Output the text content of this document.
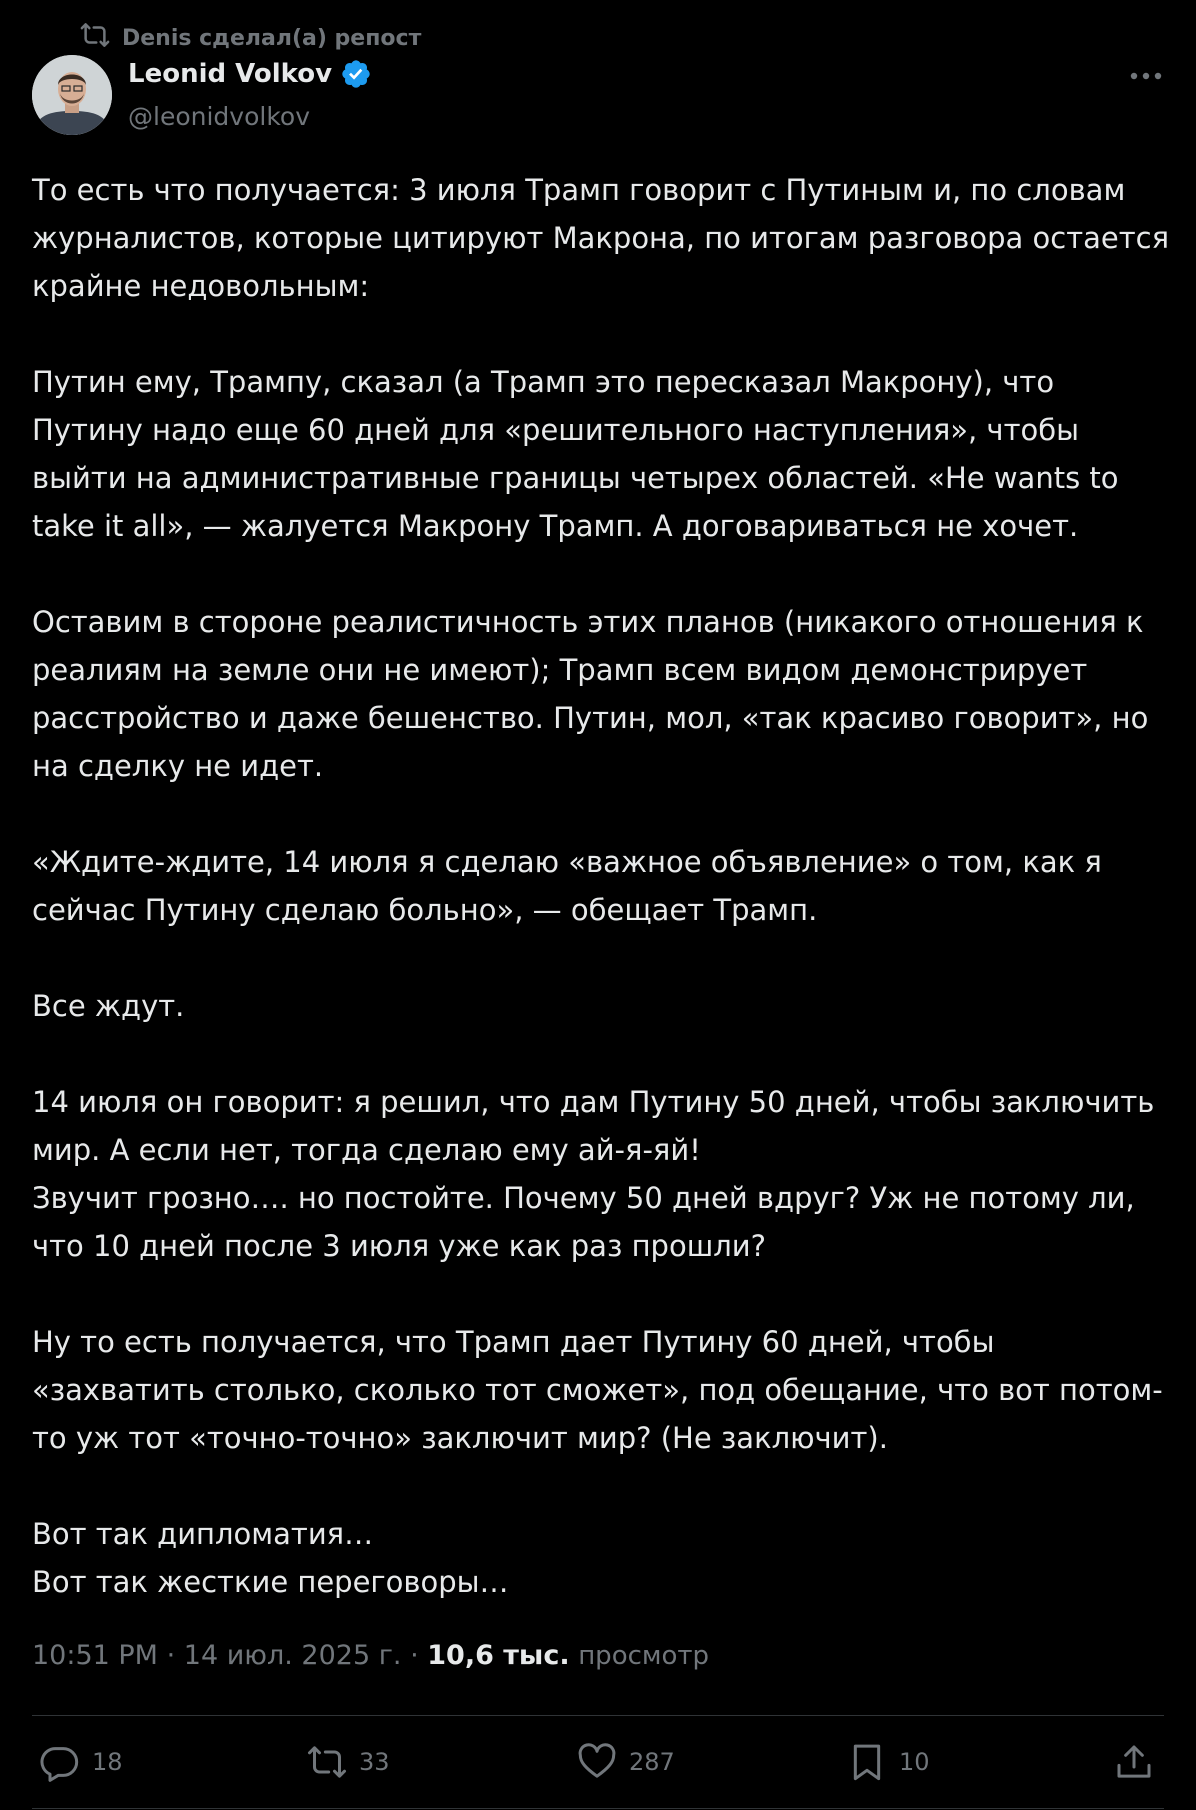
Denis сделал(а) репост
Leonid Volkov
@leonidvolkov

То есть что получается: 3 июля Трамп говорит с Путиным и, по словам журналистов, которые цитируют Макрона, по итогам разговора остается крайне недовольным:

Путин ему, Трампу, сказал (а Трамп это пересказал Макрону), что Путину надо еще 60 дней для «решительного наступления», чтобы выйти на административные границы четырех областей. «He wants to take it all», — жалуется Макрону Трамп. А договариваться не хочет.

Оставим в стороне реалистичность этих планов (никакого отношения к реалиям на земле они не имеют); Трамп всем видом демонстрирует расстройство и даже бешенство. Путин, мол, «так красиво говорит», но на сделку не идет.

«Ждите-ждите, 14 июля я сделаю «важное объявление» о том, как я сейчас Путину сделаю больно», — обещает Трамп.

Все ждут.

14 июля он говорит: я решил, что дам Путину 50 дней, чтобы заключить мир. А если нет, тогда сделаю ему ай-я-яй!
Звучит грозно…. но постойте. Почему 50 дней вдруг? Уж не потому ли, что 10 дней после 3 июля уже как раз прошли?

Ну то есть получается, что Трамп дает Путину 60 дней, чтобы «захватить столько, сколько тот сможет», под обещание, что вот потом-то уж тот «точно-точно» заключит мир? (Не заключит).

Вот так дипломатия…
Вот так жесткие переговоры…

10:51 PM · 14 июл. 2025 г. · 10,6 тыс. просмотр
18	33	287	10
